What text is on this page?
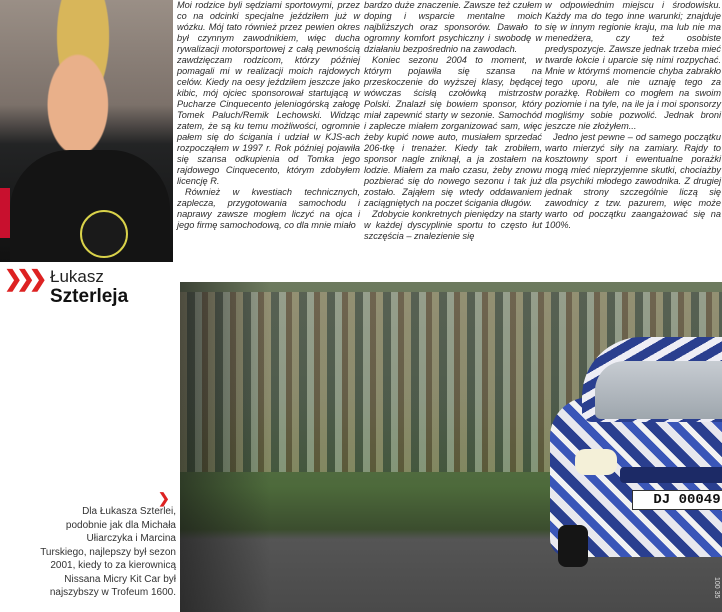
❯❯❯ Łukasz
Szterleja

Moi rodzice byli sędziami sportowymi, przez co na odcinki specjalne jeździłem już w wózku. Mój tato również przez pewien okres był czynnym zawodnikiem, więc ducha rywalizacji motorsportowej z całą pewnością zawdzięczam rodzicom, którzy później pomagali mi w realizacji moich rajdowych celów. Kiedy na oesy jeździłem jeszcze jako kibic, mój ojciec sponsorował startującą w Pucharze Cinquecento jeleniogórską załogę Tomek Paluch/Remik Lechowski. Widząc zatem, że są ku temu możliwości, ogromnie pałem się do ścigania i udział w KJS-ach rozpocząłem w 1997 r. Rok później pojawiła się szansa odkupienia od Tomka jego rajdowego Cinquecento, którym zdobyłem licencję R.

Również w kwestiach technicznych, zaplecza, przygotowania samochodu i naprawy zawsze mogłem liczyć na ojca i jego firmę samochodową, co dla mnie miało

bardzo duże znaczenie. Zawsze też czułem doping i wsparcie mentalne moich najbliższych oraz sponsorów. Dawało to ogromny komfort psychiczny i swobodę w działaniu bezpośrednio na zawodach.

Koniec sezonu 2004 to moment, w którym pojawiła się szansa na przeskoczenie do wyższej klasy, będącej wówczas ścisłą czołówką mistrzostw Polski. Znalazł się bowiem sponsor, który miał zapewnić starty w sezonie. Samochód i zaplecze miałem zorganizować sam, więc żeby kupić nowe auto, musiałem sprzedać 206-tkę i trenażer. Kiedy tak zrobiłem, sponsor nagle zniknął, a ja zostałem na lodzie. Miałem za mało czasu, żeby znowu pozbierać się do nowego sezonu i tak już zostało. Zająłem się wtedy oddawaniem zaciągniętych na poczet ścigania długów.

Zdobycie konkretnych pieniędzy na starty w każdej dyscyplinie sportu to często łut szczęścia – znalezienie się

w odpowiednim miejscu i środowisku. Każdy ma do tego inne warunki; znajduje się w innym regionie kraju, ma lub nie ma menedżera, czy też osobiste predyspozycje. Zawsze jednak trzeba mieć twarde łokcie i uparcie się nimi rozpychać. Mnie w którymś momencie chyba zabrakło tego uporu, ale nie uznaję tego za porażkę. Robiłem co mogłem na swoim poziomie i na tyle, na ile ja i moi sponsorzy mogliśmy sobie pozwolić. Jednak broni jeszcze nie złożyłem...

Jedno jest pewne – od samego początku warto mierzyć siły na zamiary. Rajdy to kosztowny sport i ewentualne porażki mogą mieć nieprzyjemne skutki, chociażby dla psychiki młodego zawodnika. Z drugiej jednak strony szczególnie liczą się zawodnicy z tzw. pazurem, więc może warto od początku zaangażować się na 100%.

❯
Dla Łukasza Szterlei, podobnie jak dla Michała Ułiarczyka i Marcina Turskiego, najlepszy był sezon 2001, kiedy to za kierownicą Nissana Micry Kit Car był najszybszy w Trofeum 1600.
DJ 00049
100 35
